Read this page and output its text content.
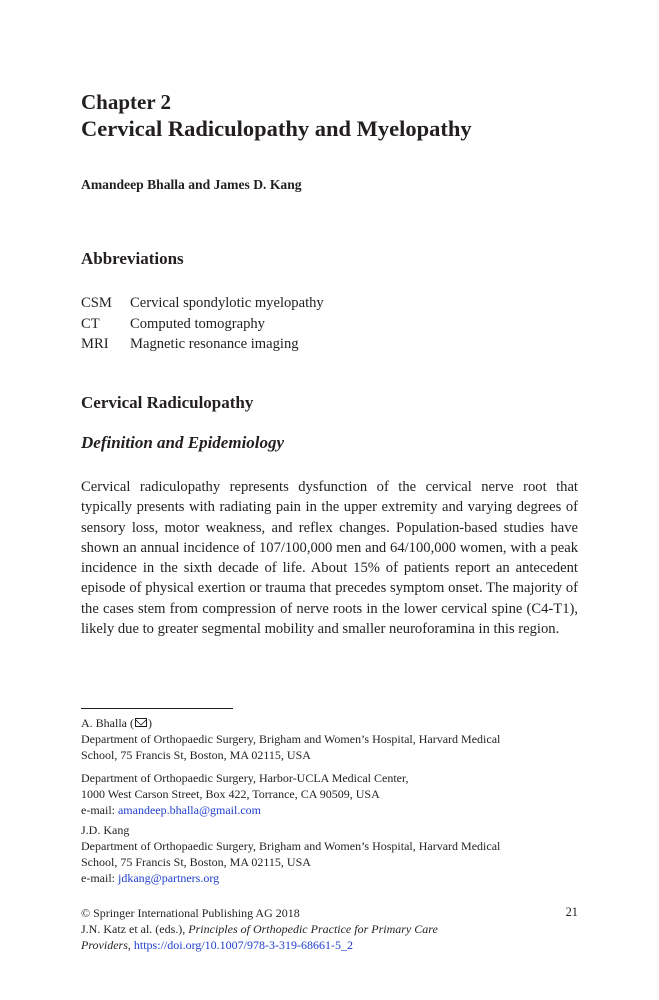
Chapter 2
Cervical Radiculopathy and Myelopathy
Amandeep Bhalla and James D. Kang
Abbreviations
CSM	Cervical spondylotic myelopathy
CT	Computed tomography
MRI	Magnetic resonance imaging
Cervical Radiculopathy
Definition and Epidemiology
Cervical radiculopathy represents dysfunction of the cervical nerve root that typically presents with radiating pain in the upper extremity and varying degrees of sensory loss, motor weakness, and reflex changes. Population-based studies have shown an annual incidence of 107/100,000 men and 64/100,000 women, with a peak incidence in the sixth decade of life. About 15% of patients report an antecedent episode of physical exertion or trauma that precedes symptom onset. The majority of the cases stem from compression of nerve roots in the lower cervical spine (C4-T1), likely due to greater segmental mobility and smaller neuroforamina in this region.
A. Bhalla ( )
Department of Orthopaedic Surgery, Brigham and Women’s Hospital, Harvard Medical
School, 75 Francis St, Boston, MA 02115, USA
Department of Orthopaedic Surgery, Harbor-UCLA Medical Center,
1000 West Carson Street, Box 422, Torrance, CA 90509, USA
e-mail: amandeep.bhalla@gmail.com
J.D. Kang
Department of Orthopaedic Surgery, Brigham and Women’s Hospital, Harvard Medical
School, 75 Francis St, Boston, MA 02115, USA
e-mail: jdkang@partners.org
© Springer International Publishing AG 2018
J.N. Katz et al. (eds.), Principles of Orthopedic Practice for Primary Care
Providers, https://doi.org/10.1007/978-3-319-68661-5_2
21
